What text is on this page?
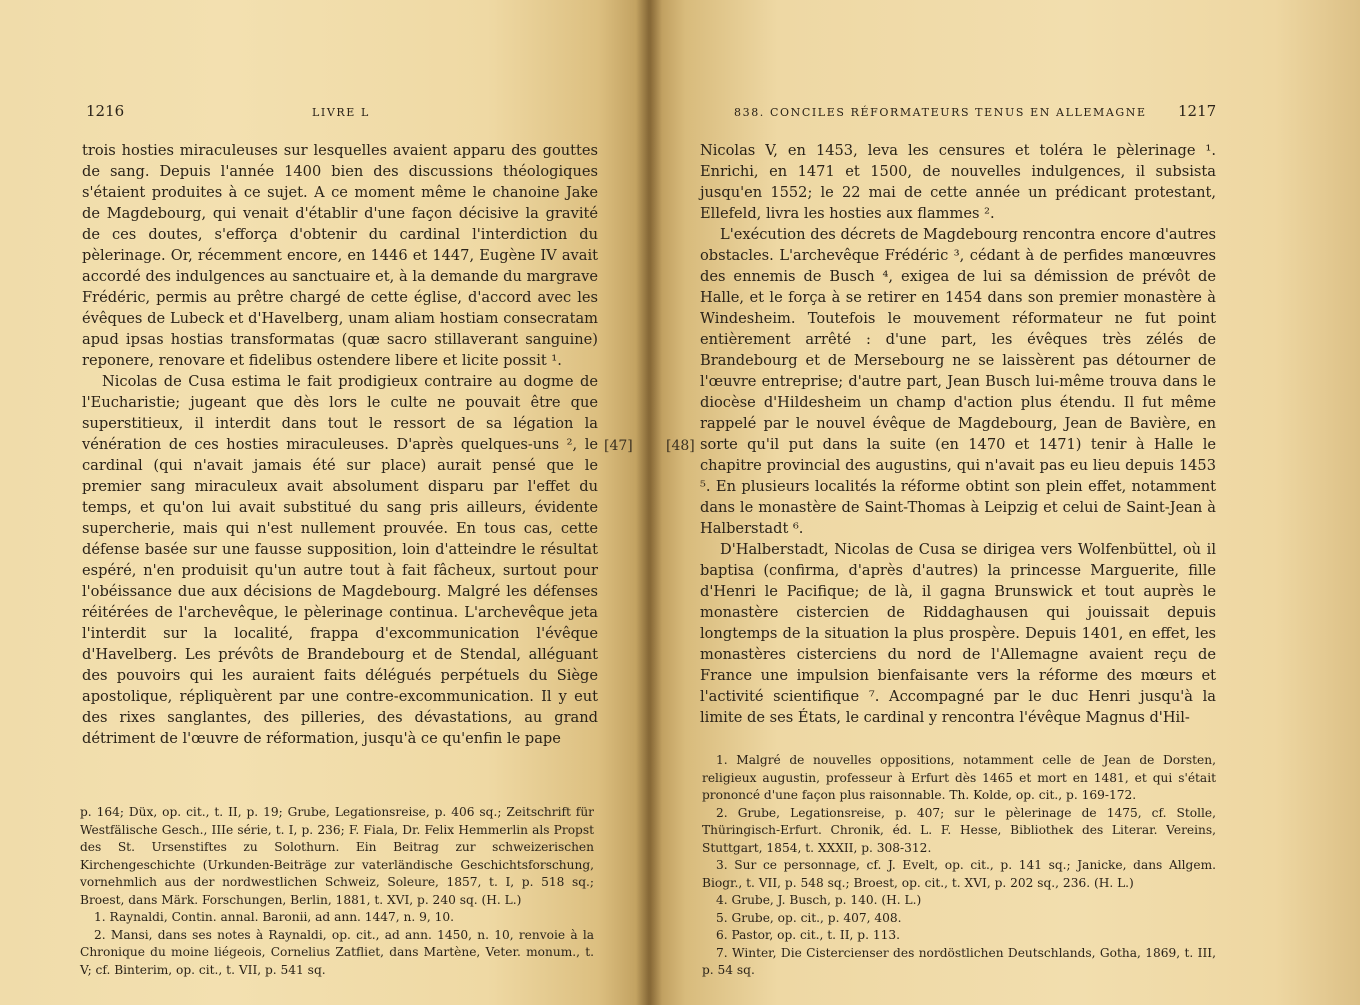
1216	LIVRE L

trois hosties miraculeuses sur lesquelles avaient apparu des gouttes de sang. Depuis l'année 1400 bien des discussions théologiques s'étaient produites à ce sujet. A ce moment même le chanoine Jake de Magdebourg, qui venait d'établir d'une façon décisive la gravité de ces doutes, s'efforça d'obtenir du cardinal l'interdiction du pèlerinage. Or, récemment encore, en 1446 et 1447, Eugène IV avait accordé des indulgences au sanctuaire et, à la demande du margrave Frédéric, permis au prêtre chargé de cette église, d'accord avec les évêques de Lubeck et d'Havelberg, unam aliam hostiam consecratam apud ipsas hostias transformatas (quæ sacro stillaverant sanguine) reponere, renovare et fidelibus ostendere libere et licite possit ¹.

Nicolas de Cusa estima le fait prodigieux contraire au dogme de l'Eucharistie; jugeant que dès lors le culte ne pouvait être que superstitieux, il interdit dans tout le ressort de sa légation la vénération de ces hosties miraculeuses. D'après quelques-uns ², le cardinal (qui n'avait jamais été sur place) aurait pensé que le premier sang miraculeux avait absolument disparu par l'effet du temps, et qu'on lui avait substitué du sang pris ailleurs, évidente supercherie, mais qui n'est nullement prouvée. En tous cas, cette défense basée sur une fausse supposition, loin d'atteindre le résultat espéré, n'en produisit qu'un autre tout à fait fâcheux, surtout pour l'obéissance due aux décisions de Magdebourg. Malgré les défenses réitérées de l'archevêque, le pèlerinage continua. L'archevêque jeta l'interdit sur la localité, frappa d'excommunication l'évêque d'Havelberg. Les prévôts de Brandebourg et de Stendal, alléguant des pouvoirs qui les auraient faits délégués perpétuels du Siège apostolique, répliquèrent par une contre-excommunication. Il y eut des rixes sanglantes, des pilleries, des dévastations, au grand détriment de l'œuvre de réformation, jusqu'à ce qu'enfin le pape

[47]

p. 164; Düx, op. cit., t. II, p. 19; Grube, Legationsreise, p. 406 sq.; Zeitschrift für Westfälische Gesch., IIIe série, t. I, p. 236; F. Fiala, Dr. Felix Hemmerlin als Propst des St. Ursenstiftes zu Solothurn. Ein Beitrag zur schweizerischen Kirchengeschichte (Urkunden-Beiträge zur vaterländische Geschichtsforschung, vornehmlich aus der nordwestlichen Schweiz, Soleure, 1857, t. I, p. 518 sq.; Broest, dans Märk. Forschungen, Berlin, 1881, t. XVI, p. 240 sq. (H. L.)

1. Raynaldi, Contin. annal. Baronii, ad ann. 1447, n. 9, 10.

2. Mansi, dans ses notes à Raynaldi, op. cit., ad ann. 1450, n. 10, renvoie à la Chronique du moine liégeois, Cornelius Zatfliet, dans Martène, Veter. monum., t. V; cf. Binterim, op. cit., t. VII, p. 541 sq.

838. CONCILES RÉFORMATEURS TENUS EN ALLEMAGNE 1217
[48]

Nicolas V, en 1453, leva les censures et toléra le pèlerinage ¹. Enrichi, en 1471 et 1500, de nouvelles indulgences, il subsista jusqu'en 1552; le 22 mai de cette année un prédicant protestant, Ellefeld, livra les hosties aux flammes ².

L'exécution des décrets de Magdebourg rencontra encore d'autres obstacles. L'archevêque Frédéric ³, cédant à de perfides manœuvres des ennemis de Busch ⁴, exigea de lui sa démission de prévôt de Halle, et le força à se retirer en 1454 dans son premier monastère à Windesheim. Toutefois le mouvement réformateur ne fut point entièrement arrêté : d'une part, les évêques très zélés de Brandebourg et de Mersebourg ne se laissèrent pas détourner de l'œuvre entreprise; d'autre part, Jean Busch lui-même trouva dans le diocèse d'Hildesheim un champ d'action plus étendu. Il fut même rappelé par le nouvel évêque de Magdebourg, Jean de Bavière, en sorte qu'il put dans la suite (en 1470 et 1471) tenir à Halle le chapitre provincial des augustins, qui n'avait pas eu lieu depuis 1453 ⁵. En plusieurs localités la réforme obtint son plein effet, notamment dans le monastère de Saint-Thomas à Leipzig et celui de Saint-Jean à Halberstadt ⁶.

D'Halberstadt, Nicolas de Cusa se dirigea vers Wolfenbüttel, où il baptisa (confirma, d'après d'autres) la princesse Marguerite, fille d'Henri le Pacifique; de là, il gagna Brunswick et tout auprès le monastère cistercien de Riddaghausen qui jouissait depuis longtemps de la situation la plus prospère. Depuis 1401, en effet, les monastères cisterciens du nord de l'Allemagne avaient reçu de France une impulsion bienfaisante vers la réforme des mœurs et l'activité scientifique ⁷. Accompagné par le duc Henri jusqu'à la limite de ses États, le cardinal y rencontra l'évêque Magnus d'Hil-

1. Malgré de nouvelles oppositions, notamment celle de Jean de Dorsten, religieux augustin, professeur à Erfurt dès 1465 et mort en 1481, et qui s'était prononcé d'une façon plus raisonnable. Th. Kolde, op. cit., p. 169-172.

2. Grube, Legationsreise, p. 407; sur le pèlerinage de 1475, cf. Stolle, Thüringisch-Erfurt. Chronik, éd. L. F. Hesse, Bibliothek des Literar. Vereins, Stuttgart, 1854, t. XXXII, p. 308-312.

3. Sur ce personnage, cf. J. Evelt, op. cit., p. 141 sq.; Janicke, dans Allgem. Biogr., t. VII, p. 548 sq.; Broest, op. cit., t. XVI, p. 202 sq., 236. (H. L.)

4. Grube, J. Busch, p. 140. (H. L.)

5. Grube, op. cit., p. 407, 408.

6. Pastor, op. cit., t. II, p. 113.

7. Winter, Die Cistercienser des nordöstlichen Deutschlands, Gotha, 1869, t. III, p. 54 sq.
